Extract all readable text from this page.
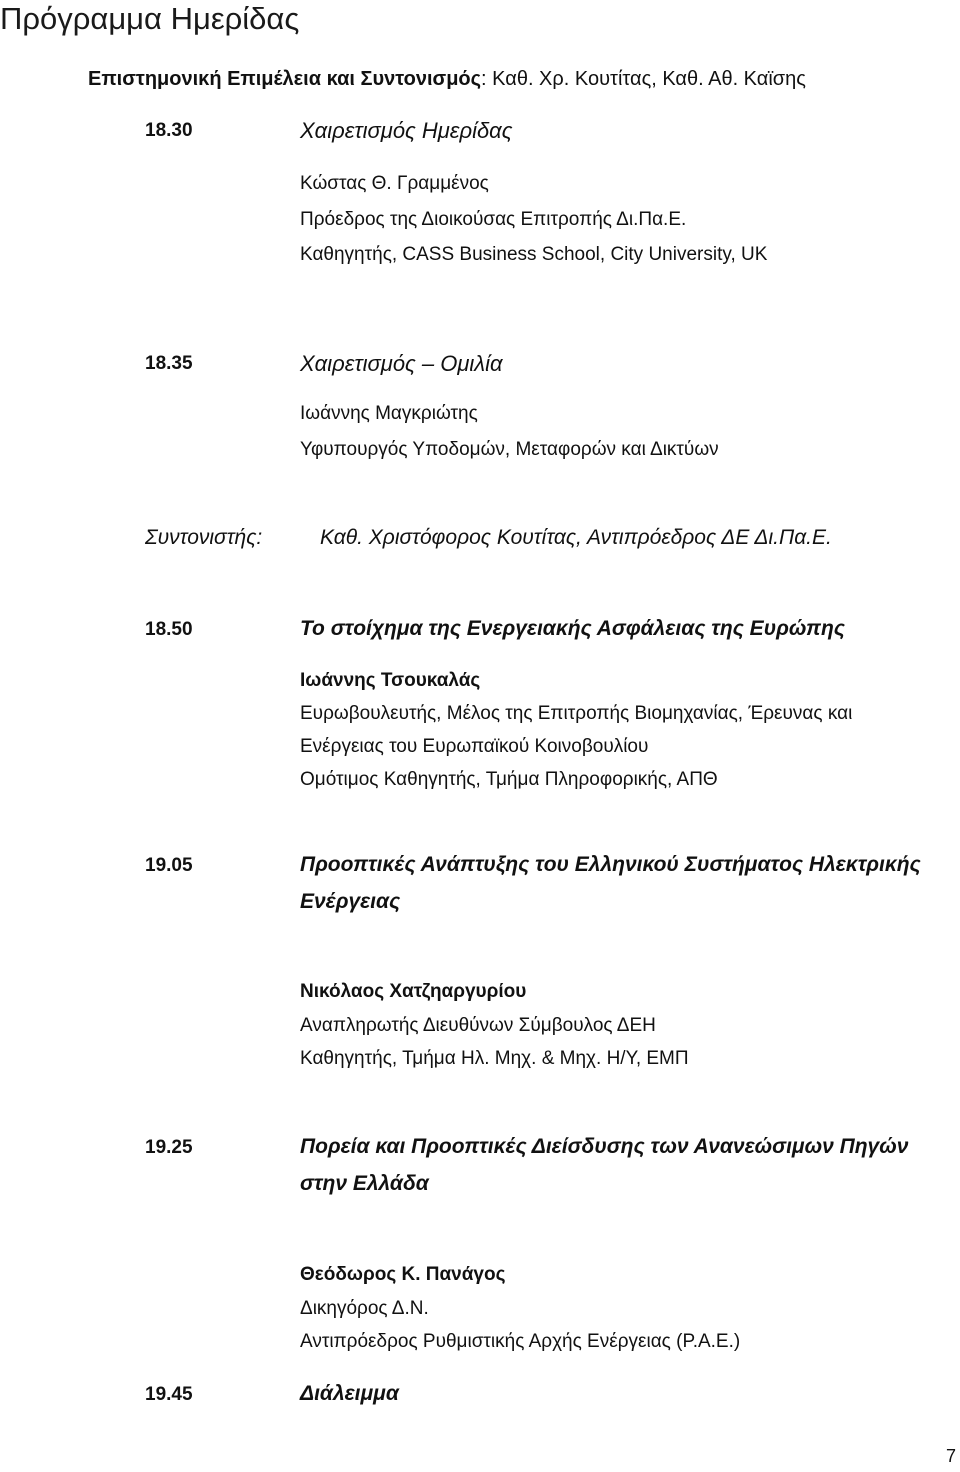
Πρόγραμμα Ημερίδας
Επιστημονική Επιμέλεια και Συντονισμός: Καθ. Χρ. Κουτίτας, Καθ. Αθ. Καϊσης
18.30	Χαιρετισμός Ημερίδας
Κώστας Θ. Γραμμένος
Πρόεδρος της Διοικούσας Επιτροπής Δι.Πα.Ε.
Καθηγητής, CASS Business School, City University, UK
18.35	Χαιρετισμός – Ομιλία
Ιωάννης Μαγκριώτης
Υφυπουργός Υποδομών, Μεταφορών και Δικτύων
Συντονιστής:	Καθ. Χριστόφορος Κουτίτας, Αντιπρόεδρος ΔΕ Δι.Πα.Ε.
18.50	Το στοίχημα της Ενεργειακής Ασφάλειας της Ευρώπης
Ιωάννης Τσουκαλάς
Ευρωβουλευτής, Μέλος της Επιτροπής Βιομηχανίας, Έρευνας και
Ενέργειας του Ευρωπαϊκού Κοινοβουλίου
Ομότιμος Καθηγητής, Τμήμα Πληροφορικής, ΑΠΘ
19.05	Προοπτικές Ανάπτυξης του Ελληνικού Συστήματος Ηλεκτρικής
Ενέργειας
Νικόλαος Χατζηαργυρίου
Αναπληρωτής Διευθύνων Σύμβουλος ΔΕΗ
Καθηγητής, Τμήμα Ηλ. Μηχ. & Μηχ. Η/Υ, ΕΜΠ
19.25	Πορεία και Προοπτικές Διείσδυσης των Ανανεώσιμων Πηγών
στην Ελλάδα
Θεόδωρος Κ. Πανάγος
Δικηγόρος Δ.Ν.
Αντιπρόεδρος Ρυθμιστικής Αρχής Ενέργειας (Ρ.Α.Ε.)
19.45	Διάλειμμα
7
